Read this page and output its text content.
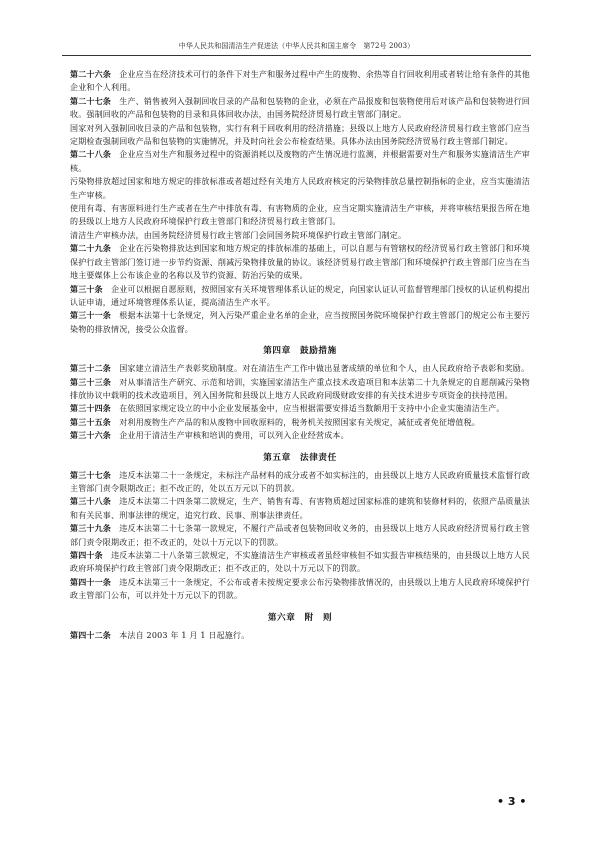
中华人民共和国清洁生产促进法（中华人民共和国主席令　第72号 2003）

第二十六条　企业应当在经济技术可行的条件下对生产和服务过程中产生的废物、余热等自行回收利用或者转让给有条件的其他企业和个人利用。

第二十七条　生产、销售被列入强制回收目录的产品和包装物的企业，必须在产品报废和包装物使用后对该产品和包装物进行回收。强制回收的产品和包装物的目录和具体回收办法，由国务院经济贸易行政主管部门制定。

国家对列入强制回收目录的产品和包装物，实行有利于回收利用的经济措施；县级以上地方人民政府经济贸易行政主管部门应当定期检查强制回收产品和包装物的实施情况，并及时向社会公布检查结果。具体办法由国务院经济贸易行政主管部门制定。

第二十八条　企业应当对生产和服务过程中的资源消耗以及废物的产生情况进行监测，并根据需要对生产和服务实施清洁生产审核。

污染物排放超过国家和地方规定的排放标准或者超过经有关地方人民政府核定的污染物排放总量控制指标的企业，应当实施清洁生产审核。

使用有毒、有害原料进行生产或者在生产中排放有毒、有害物质的企业，应当定期实施清洁生产审核，并将审核结果报告所在地的县级以上地方人民政府环境保护行政主管部门和经济贸易行政主管部门。

清洁生产审核办法，由国务院经济贸易行政主管部门会同国务院环境保护行政主管部门制定。

第二十九条　企业在污染物排放达到国家和地方规定的排放标准的基础上，可以自愿与有管辖权的经济贸易行政主管部门和环境保护行政主管部门签订进一步节约资源、削减污染物排放量的协议。该经济贸易行政主管部门和环境保护行政主管部门应当在当地主要媒体上公布该企业的名称以及节约资源、防治污染的成果。

第三十条　企业可以根据自愿原则，按照国家有关环境管理体系认证的规定，向国家认证认可监督管理部门授权的认证机构提出认证申请，通过环境管理体系认证，提高清洁生产水平。

第三十一条　根据本法第十七条规定，列入污染严重企业名单的企业，应当按照国务院环境保护行政主管部门的规定公布主要污染物的排放情况，接受公众监督。

第四章　鼓励措施

第三十二条　国家建立清洁生产表彰奖励制度。对在清洁生产工作中做出显著成绩的单位和个人，由人民政府给予表彰和奖励。

第三十三条　对从事清洁生产研究、示范和培训，实施国家清洁生产重点技术改造项目和本法第二十九条规定的自愿削减污染物排放协议中载明的技术改造项目，列入国务院和县级以上地方人民政府同级财政安排的有关技术进步专项资金的扶持范围。

第三十四条　在依照国家规定设立的中小企业发展基金中，应当根据需要安排适当数额用于支持中小企业实施清洁生产。

第三十五条　对利用废物生产产品的和从废物中回收原料的，税务机关按照国家有关规定，减征或者免征增值税。

第三十六条　企业用于清洁生产审核和培训的费用，可以列入企业经营成本。

第五章　法律责任

第三十七条　违反本法第二十一条规定，未标注产品材料的成分或者不如实标注的，由县级以上地方人民政府质量技术监督行政主管部门责令限期改正；拒不改正的，处以五万元以下的罚款。

第三十八条　违反本法第二十四条第二款规定，生产、销售有毒、有害物质超过国家标准的建筑和装修材料的，依照产品质量法和有关民事、刑事法律的规定，追究行政、民事、刑事法律责任。

第三十九条　违反本法第二十七条第一款规定，不履行产品或者包装物回收义务的，由县级以上地方人民政府经济贸易行政主管部门责令限期改正；拒不改正的，处以十万元以下的罚款。

第四十条　违反本法第二十八条第三款规定，不实施清洁生产审核或者虽经审核但不如实报告审核结果的，由县级以上地方人民政府环境保护行政主管部门责令限期改正；拒不改正的，处以十万元以下的罚款。

第四十一条　违反本法第三十一条规定，不公布或者未按规定要求公布污染物排放情况的，由县级以上地方人民政府环境保护行政主管部门公布，可以并处十万元以下的罚款。

第六章　附　则

第四十二条　本法自 2003 年 1 月 1 日起施行。

• 3 •
